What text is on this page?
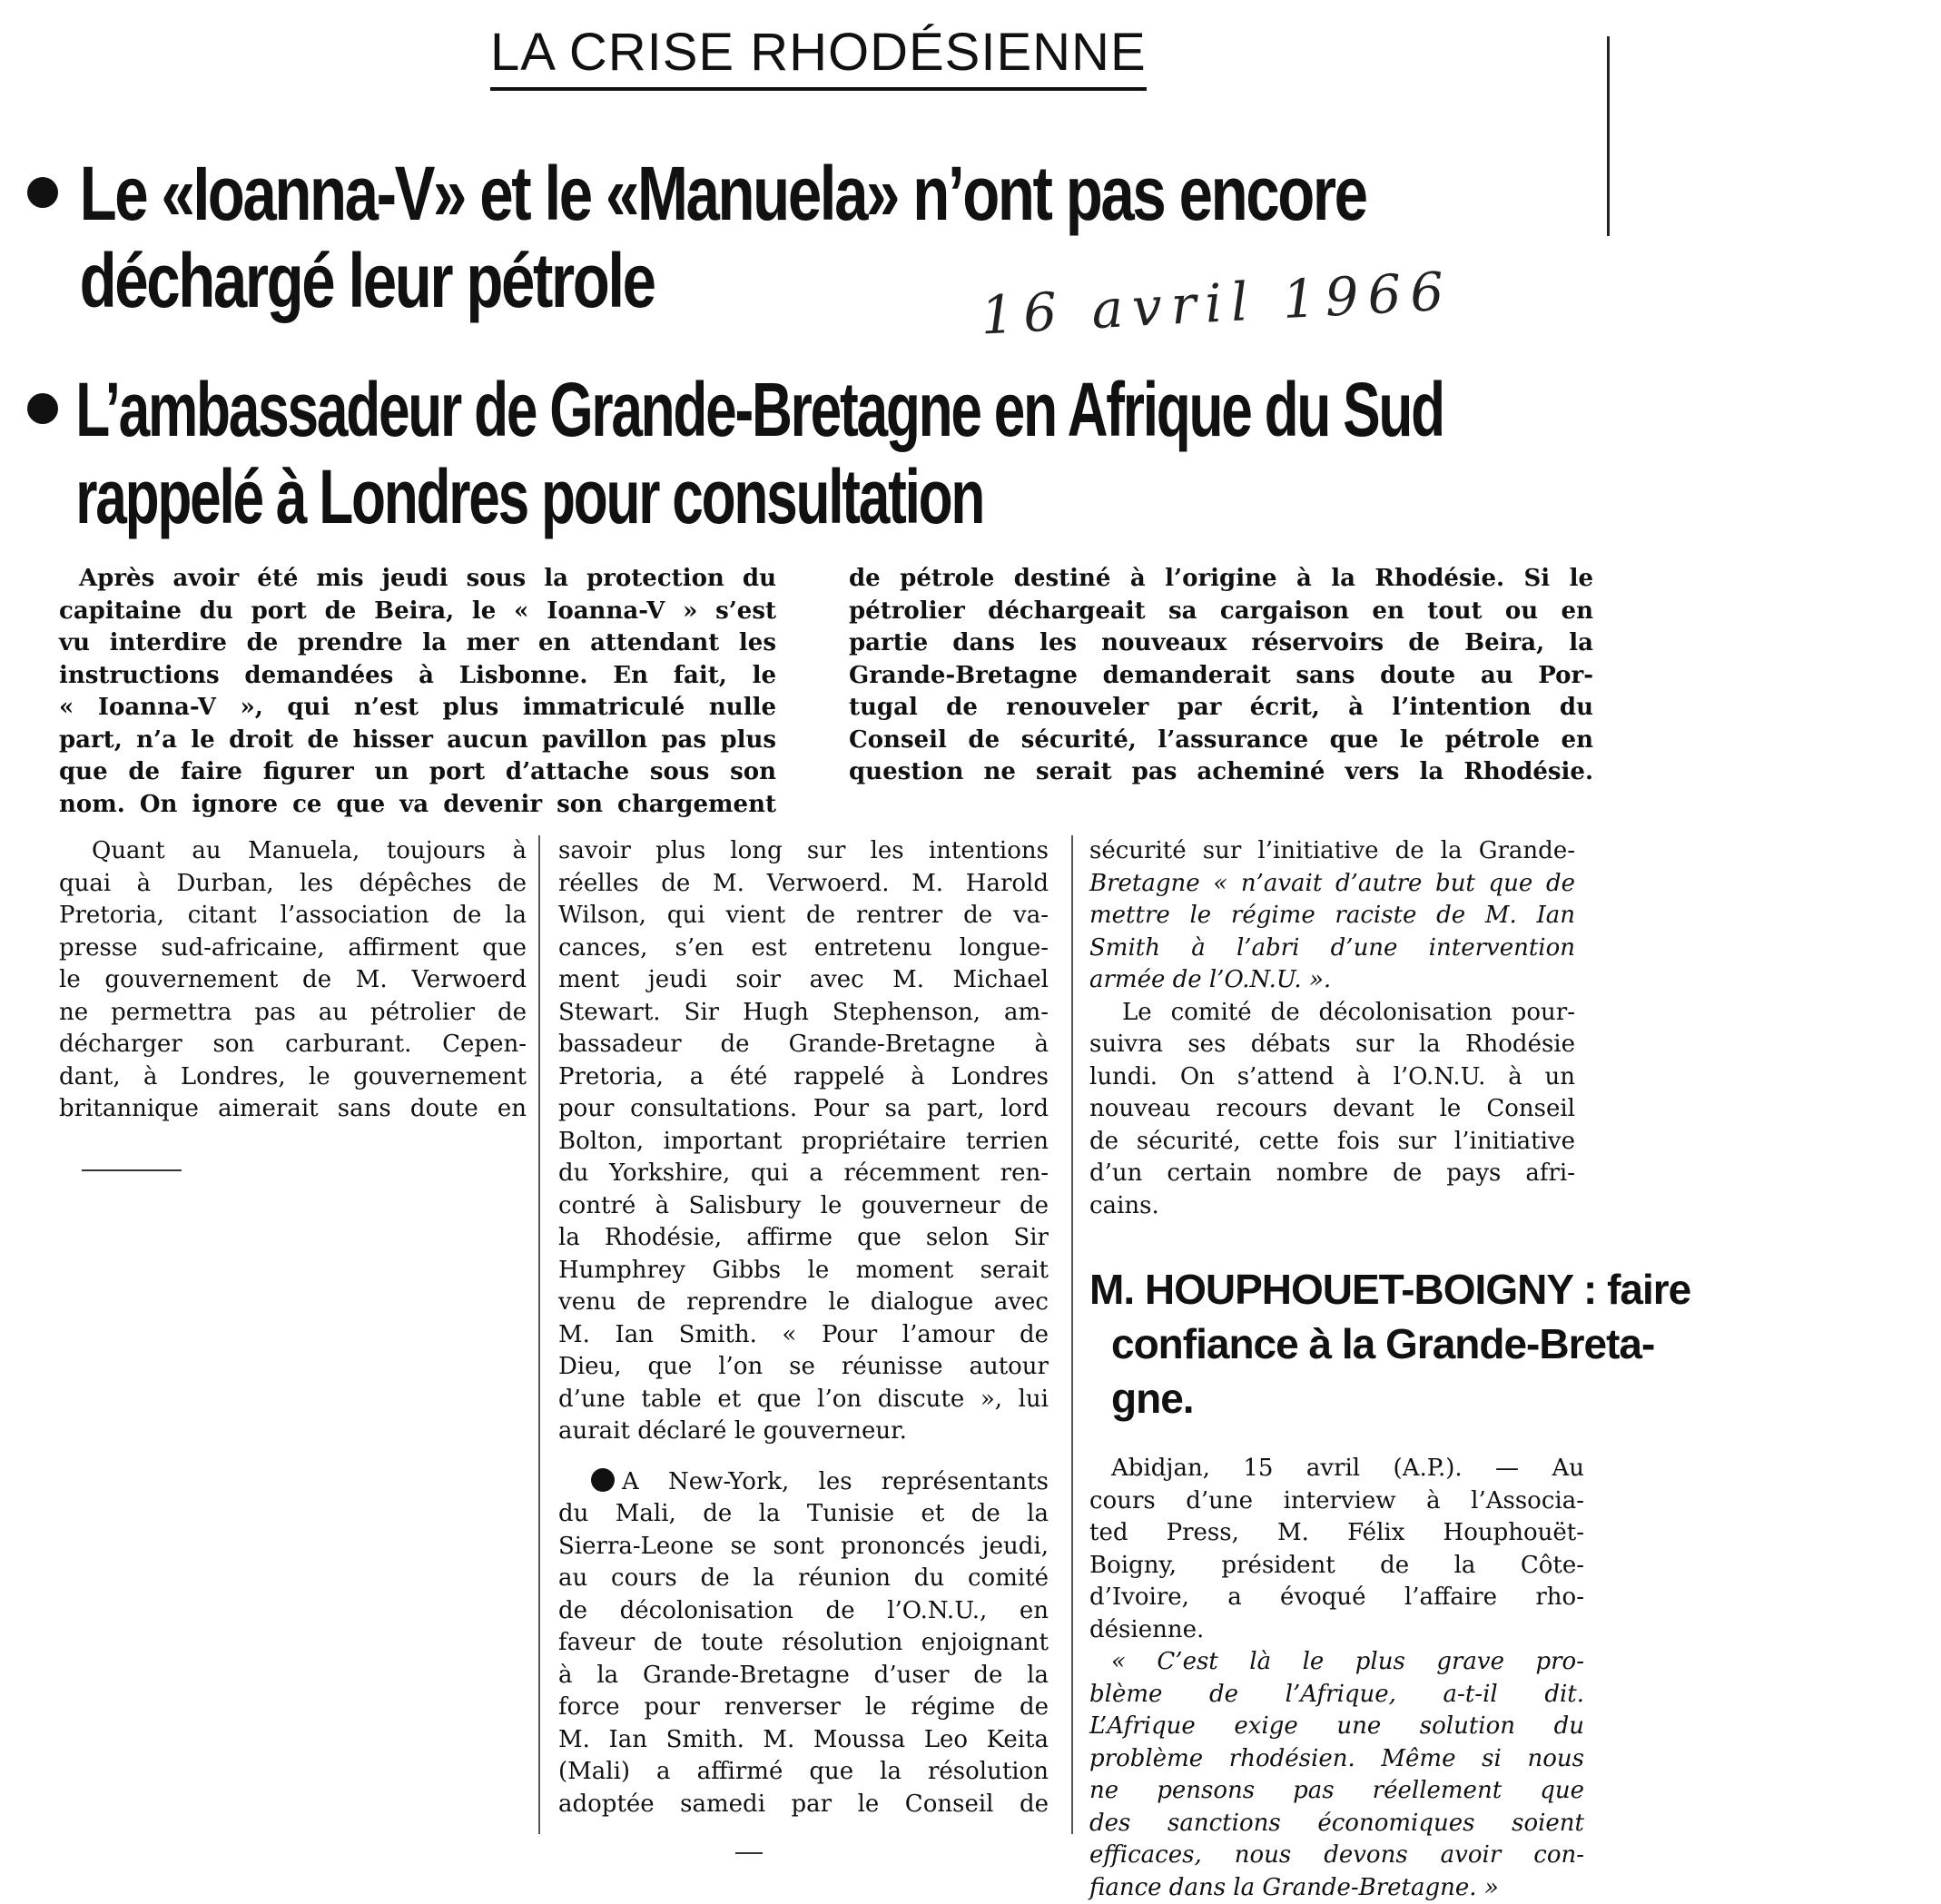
LA CRISE RHODÉSIENNE
Le «Ioanna-V» et le «Manuela» n’ont pas encore
déchargé leur pétrole	16 avril 1966
L’ambassadeur de Grande-Bretagne en Afrique du Sud
rappelé à Londres pour consultation
Après avoir été mis jeudi sous la protection du
capitaine du port de Beira, le « Ioanna-V » s’est
vu interdire de prendre la mer en attendant les
instructions demandées à Lisbonne. En fait, le
« Ioanna-V », qui n’est plus immatriculé nulle
part, n’a le droit de hisser aucun pavillon pas plus
que de faire figurer un port d’attache sous son
nom. On ignore ce que va devenir son chargement
de pétrole destiné à l’origine à la Rhodésie. Si le
pétrolier déchargeait sa cargaison en tout ou en
partie dans les nouveaux réservoirs de Beira, la
Grande-Bretagne demanderait sans doute au Por-
tugal de renouveler par écrit, à l’intention du
Conseil de sécurité, l’assurance que le pétrole en
question ne serait pas acheminé vers la Rhodésie.
Quant au Manuela, toujours à
quai à Durban, les dépêches de
Pretoria, citant l’association de la
presse sud-africaine, affirment que
le gouvernement de M. Verwoerd
ne permettra pas au pétrolier de
décharger son carburant. Cepen-
dant, à Londres, le gouvernement
britannique aimerait sans doute en
savoir plus long sur les intentions
réelles de M. Verwoerd. M. Harold
Wilson, qui vient de rentrer de va-
cances, s’en est entretenu longue-
ment jeudi soir avec M. Michael
Stewart. Sir Hugh Stephenson, am-
bassadeur de Grande-Bretagne à
Pretoria, a été rappelé à Londres
pour consultations. Pour sa part, lord
Bolton, important propriétaire terrien
du Yorkshire, qui a récemment ren-
contré à Salisbury le gouverneur de
la Rhodésie, affirme que selon Sir
Humphrey Gibbs le moment serait
venu de reprendre le dialogue avec
M. Ian Smith. « Pour l’amour de
Dieu, que l’on se réunisse autour
d’une table et que l’on discute », lui
aurait déclaré le gouverneur.
A New-York, les représentants
du Mali, de la Tunisie et de la
Sierra-Leone se sont prononcés jeudi,
au cours de la réunion du comité
de décolonisation de l’O.N.U., en
faveur de toute résolution enjoignant
à la Grande-Bretagne d’user de la
force pour renverser le régime de
M. Ian Smith. M. Moussa Leo Keita
(Mali) a affirmé que la résolution
adoptée samedi par le Conseil de
sécurité sur l’initiative de la Grande-
Bretagne « n’avait d’autre but que de
mettre le régime raciste de M. Ian
Smith à l’abri d’une intervention
armée de l’O.N.U. ».
Le comité de décolonisation pour-
suivra ses débats sur la Rhodésie
lundi. On s’attend à l’O.N.U. à un
nouveau recours devant le Conseil
de sécurité, cette fois sur l’initiative
d’un certain nombre de pays afri-
cains.
M. HOUPHOUET-BOIGNY : faire
confiance à la Grande-Breta-
gne.
Abidjan, 15 avril (A.P.). — Au
cours d’une interview à l’Associa-
ted Press, M. Félix Houphouët-
Boigny, président de la Côte-
d’Ivoire, a évoqué l’affaire rho-
désienne.
« C’est là le plus grave pro-
blème de l’Afrique, a-t-il dit.
L’Afrique exige une solution du
problème rhodésien. Même si nous
ne pensons pas réellement que
des sanctions économiques soient
efficaces, nous devons avoir con-
fiance dans la Grande-Bretagne. »
